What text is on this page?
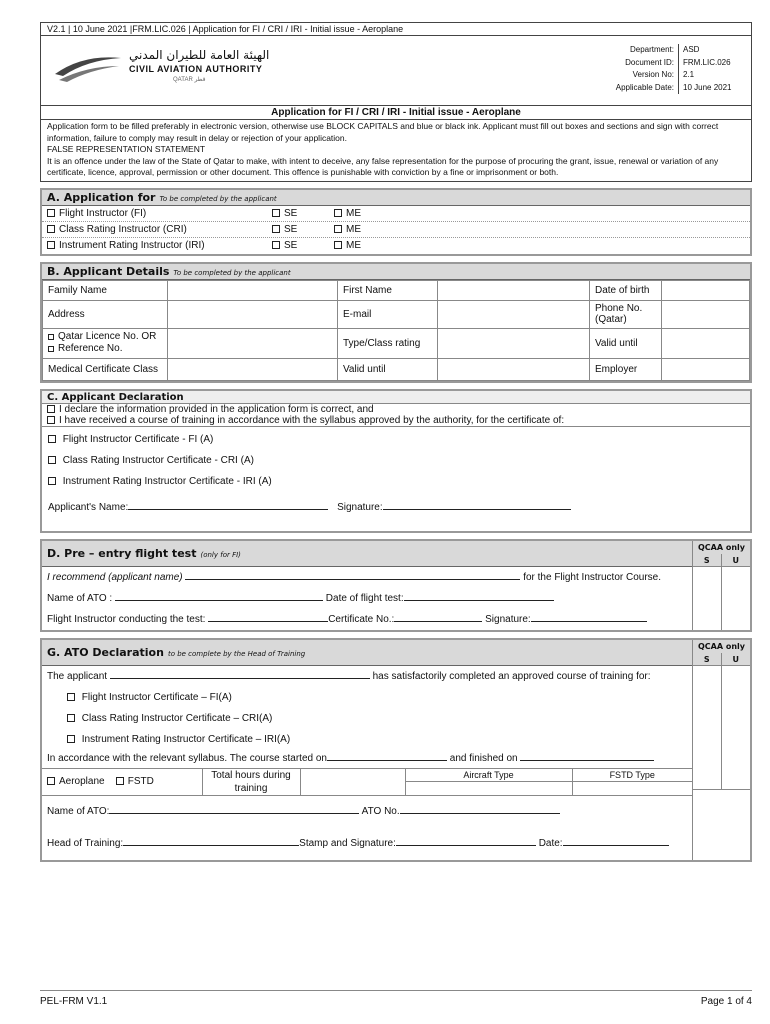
V2.1 | 10 June 2021 |FRM.LIC.026 | Application for FI / CRI / IRI - Initial issue - Aeroplane
الهيئة العامة للطيران المدني
CIVIL AVIATION AUTHORITY
QATAR قطر
Department:	ASD
Document ID:	FRM.LIC.026
Version No:	2.1
Applicable Date:	10 June 2021
Application for FI / CRI / IRI - Initial issue - Aeroplane
Application form to be filled preferably in electronic version, otherwise use BLOCK CAPITALS and blue or black ink. Applicant must fill out boxes and sections and sign with correct information, failure to comply may result in delay or rejection of your application.
FALSE REPRESENTATION STATEMENT
It is an offence under the law of the State of Qatar to make, with intent to deceive, any false representation for the purpose of procuring the grant, issue, renewal or variation of any certificate, licence, approval, permission or other document. This offence is punishable with conviction by a fine or imprisonment or both.
A. Application for To be completed by the applicant
Flight Instructor (FI)	SE	ME
Class Rating Instructor (CRI)	SE	ME
Instrument Rating Instructor (IRI)	SE	ME
B. Applicant Details To be completed by the applicant
Family Name		First Name		Date of birth	
Address		E-mail		Phone No. (Qatar)	

Qatar Licence No. OR
Reference No.		Type/Class rating		Valid until	
Medical Certificate Class		Valid until		Employer	
C. Applicant Declaration
I declare the information provided in the application form is correct, and
I have received a course of training in accordance with the syllabus approved by the authority, for the certificate of:
Flight Instructor Certificate - FI (A)
Class Rating Instructor Certificate - CRI (A)
Instrument Rating Instructor Certificate - IRI (A)
Applicant's Name:	Signature:
D. Pre – entry flight test (only for FI)
I recommend (applicant name)	for the Flight Instructor Course.
Name of ATO :	Date of flight test:
Flight Instructor conducting the test:	Certificate No.:	Signature:
QCAA only
S	U
G. ATO Declaration to be complete by the Head of Training
The applicant	has satisfactorily completed an approved course of training for:
Flight Instructor Certificate – FI(A)
Class Rating Instructor Certificate – CRI(A)
Instrument Rating Instructor Certificate – IRI(A)
In accordance with the relevant syllabus. The course started on	and finished on
Aeroplane FSTD	Total hours during training		Aircraft Type	FSTD Type

Name of ATO:	ATO No.
Head of Training:	Stamp and Signature:	Date:
QCAA only
S	U
PEL-FRM V1.1	Page 1 of 4
